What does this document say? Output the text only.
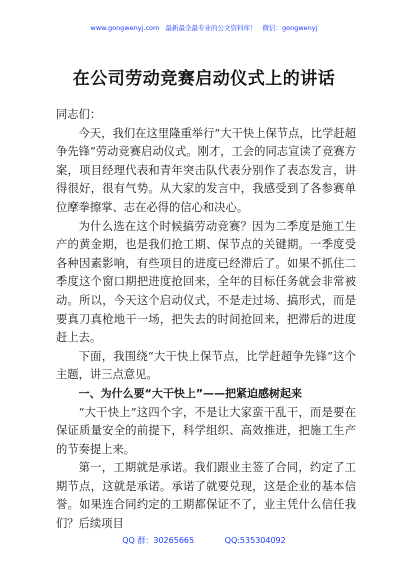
www.gongwenyj.com 最新最全最专业的公文资料库！ 微信：gongwenyj
在公司劳动竞赛启动仪式上的讲话

同志们：

今天，我们在这里隆重举行“大干快上保节点，比学赶超争先锋”劳动竞赛启动仪式。刚才，工会的同志宣读了竞赛方案，项目经理代表和青年突击队代表分别作了表态发言，讲得很好，很有气势。从大家的发言中，我感受到了各参赛单位摩拳擦掌、志在必得的信心和决心。

为什么选在这个时候搞劳动竞赛？因为二季度是施工生产的黄金期，也是我们抢工期、保节点的关键期。一季度受各种因素影响，有些项目的进度已经滞后了。如果不抓住二季度这个窗口期把进度抢回来，全年的目标任务就会非常被动。所以，今天这个启动仪式，不是走过场、搞形式，而是要真刀真枪地干一场，把失去的时间抢回来，把滞后的进度赶上去。

下面，我围绕“大干快上保节点，比学赶超争先锋”这个主题，讲三点意见。

一、为什么要“大干快上”——把紧迫感树起来

“大干快上”这四个字，不是让大家蛮干乱干，而是要在保证质量安全的前提下，科学组织、高效推进，把施工生产的节奏提上来。

第一，工期就是承诺。我们跟业主签了合同，约定了工期节点，这就是承诺。承诺了就要兑现，这是企业的基本信誉。如果连合同约定的工期都保证不了，业主凭什么信任我们？后续项目

QQ 群：30265665	QQ:535304092
